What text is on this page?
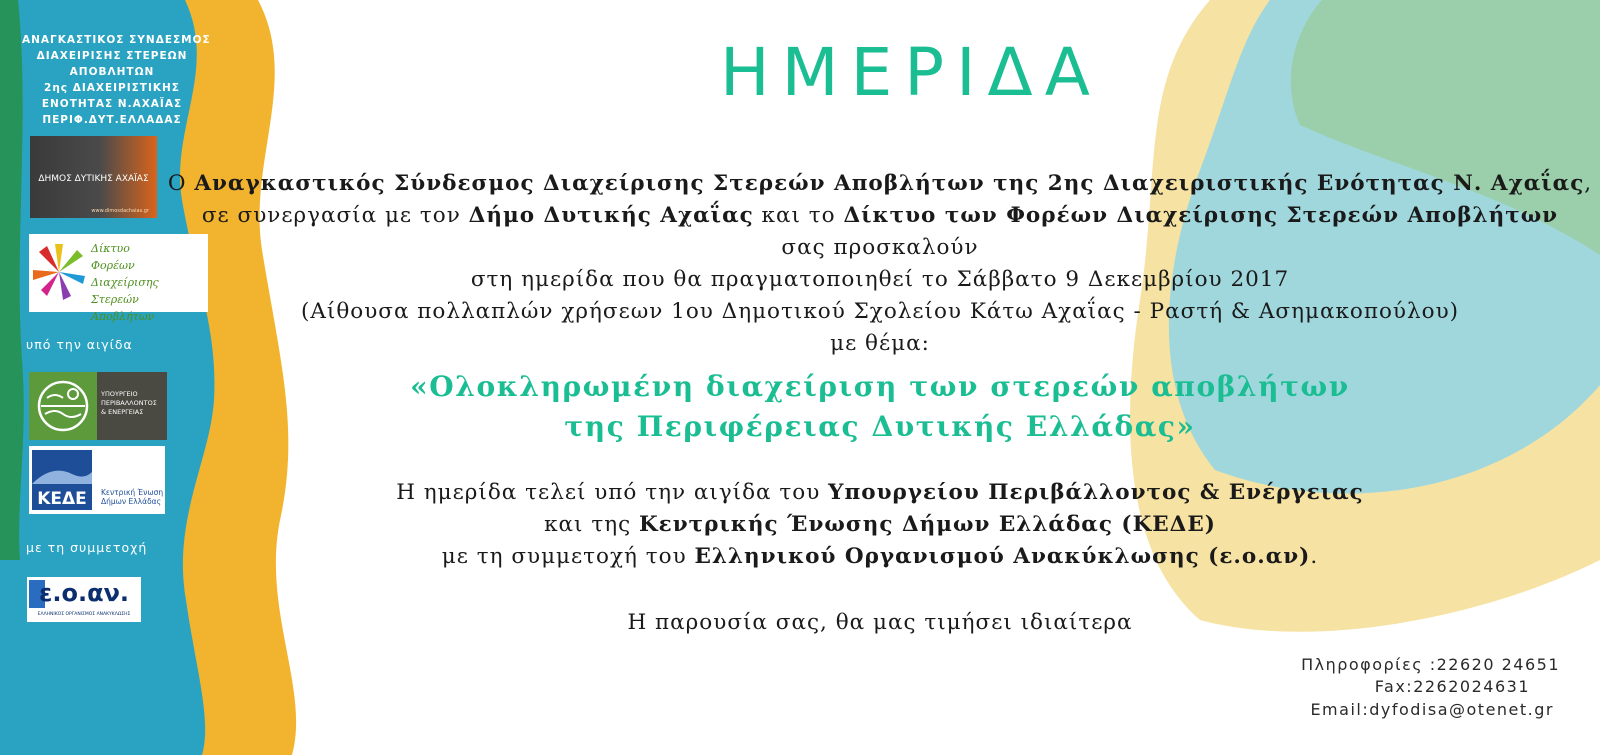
ΑΝΑΓΚΑΣΤΙΚΟΣ ΣΥΝΔΕΣΜΟΣ
ΔΙΑΧΕΙΡΙΣΗΣ ΣΤΕΡΕΩΝ
ΑΠΟΒΛΗΤΩΝ
2ης ΔΙΑΧΕΙΡΙΣΤΙΚΗΣ
ΕΝΟΤΗΤΑΣ Ν.ΑΧΑΪΑΣ
ΠΕΡΙΦ.ΔΥΤ.ΕΛΛΑΔΑΣ
ΔΗΜΟΣ ΔΥΤΙΚΗΣ ΑΧΑΪΑΣ
www.dimosdachaias.gr
Δίκτυο
Φορέων Διαχείρισης
Στερεών Αποβλήτων
υπό την αιγίδα
ΥΠΟΥΡΓΕΙΟ
ΠΕΡΙΒΑΛΛΟΝΤΟΣ
& ΕΝΕΡΓΕΙΑΣ
ΚΕΔΕ Κεντρική Ένωση
Δήμων Ελλάδας
με τη συμμετοχή
ε.ο.αν.
ΕΛΛΗΝΙΚΟΣ ΟΡΓΑΝΙΣΜΟΣ ΑΝΑΚΥΚΛΩΣΗΣ
ΗΜΕΡΙΔΑ
Ο Αναγκαστικός Σύνδεσμος Διαχείρισης Στερεών Αποβλήτων της 2ης Διαχειριστικής Ενότητας Ν. Αχαΐας,
σε συνεργασία με τον Δήμο Δυτικής Αχαΐας και το Δίκτυο των Φορέων Διαχείρισης Στερεών Αποβλήτων
σας προσκαλούν
στη ημερίδα που θα πραγματοποιηθεί το Σάββατο 9 Δεκεμβρίου 2017
(Αίθουσα πολλαπλών χρήσεων 1ου Δημοτικού Σχολείου Κάτω Αχαΐας - Ραστή & Ασημακοπούλου)
με θέμα:
«Ολοκληρωμένη διαχείριση των στερεών αποβλήτων
της Περιφέρειας Δυτικής Ελλάδας»
Η ημερίδα τελεί υπό την αιγίδα του Υπουργείου Περιβάλλοντος & Ενέργειας
και της Κεντρικής Ένωσης Δήμων Ελλάδας (ΚΕΔΕ)
με τη συμμετοχή του Ελληνικού Οργανισμού Ανακύκλωσης (ε.ο.αν).
Η παρουσία σας, θα μας τιμήσει ιδιαίτερα
Πληροφορίες :22620 24651
Fax:2262024631
Email:dyfodisa@otenet.gr
